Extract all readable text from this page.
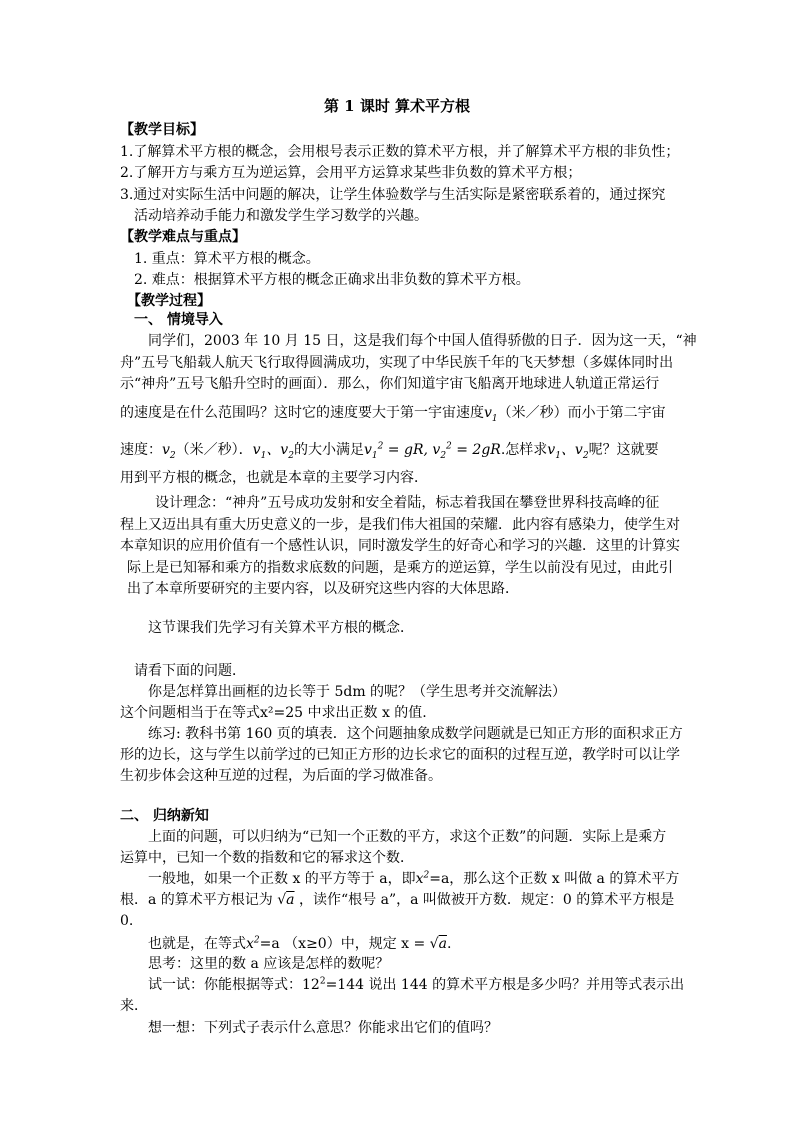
第 1 课时 算术平方根
【教学目标】
1.了解算术平方根的概念，会用根号表示正数的算术平方根，并了解算术平方根的非负性；
2.了解开方与乘方互为逆运算，会用平方运算求某些非负数的算术平方根；
3.通过对实际生活中问题的解决，让学生体验数学与生活实际是紧密联系着的，通过探究
活动培养动手能力和激发学生学习数学的兴趣。
【教学难点与重点】
1. 重点：算术平方根的概念。
2. 难点：根据算术平方根的概念正确求出非负数的算术平方根。
【教学过程】
一、 情境导入
同学们，2003 年 10 月 15 日，这是我们每个中国人值得骄傲的日子．因为这一天，“神
舟”五号飞船载人航天飞行取得圆满成功，实现了中华民族千年的飞天梦想（多媒体同时出
示“神舟”五号飞船升空时的画面）．那么，你们知道宇宙飞船离开地球进人轨道正常运行
的速度是在什么范围吗？这时它的速度要大于第一宇宙速度$v_1$（米／秒）而小于第二宇宙
速度：$v_2$（米／秒）．$v_1$、$v_2$的大小满足$v_1^2$ = gR, $v_2^2 = 2gR$.怎样求$v_1$、$v_2$呢？这就要
用到平方根的概念，也就是本章的主要学习内容．
设计理念：“神舟”五号成功发射和安全着陆，标志着我国在攀登世界科技高峰的征
程上又迈出具有重大历史意义的一步，是我们伟大祖国的荣耀．此内容有感染力，使学生对
本章知识的应用价值有一个感性认识，同时激发学生的好奇心和学习的兴趣．这里的计算实
际上是已知幂和乘方的指数求底数的问题，是乘方的逆运算，学生以前没有见过，由此引
出了本章所要研究的主要内容，以及研究这些内容的大体思路．
这节课我们先学习有关算术平方根的概念．
请看下面的问题．
你是怎样算出画框的边长等于 5dm 的呢？（学生思考并交流解法）
这个问题相当于在等式x²=25 中求出正数 x 的值.
练习: 教科书第 160 页的填表．这个问题抽象成数学问题就是已知正方形的面积求正方
形的边长，这与学生以前学过的已知正方形的边长求它的面积的过程互逆，教学时可以让学
生初步体会这种互逆的过程，为后面的学习做准备。
二、 归纳新知
上面的问题，可以归纳为“已知一个正数的平方，求这个正数”的问题．实际上是乘方
运算中，已知一个数的指数和它的幂求这个数．
一般地，如果一个正数 x 的平方等于 a，即$x^2=a$，那么这个正数 x 叫做 a 的算术平方
根．a 的算术平方根记为 √a ，读作“根号 a”，a 叫做被开方数．规定：0 的算术平方根是
0.
也就是，在等式$x^2=a$ （x≥0）中，规定 x = √a.
思考：这里的数 a 应该是怎样的数呢？
试一试：你能根据等式：$12^2=144$ 说出 144 的算术平方根是多少吗？并用等式表示出
来．
想一想：下列式子表示什么意思？你能求出它们的值吗？
